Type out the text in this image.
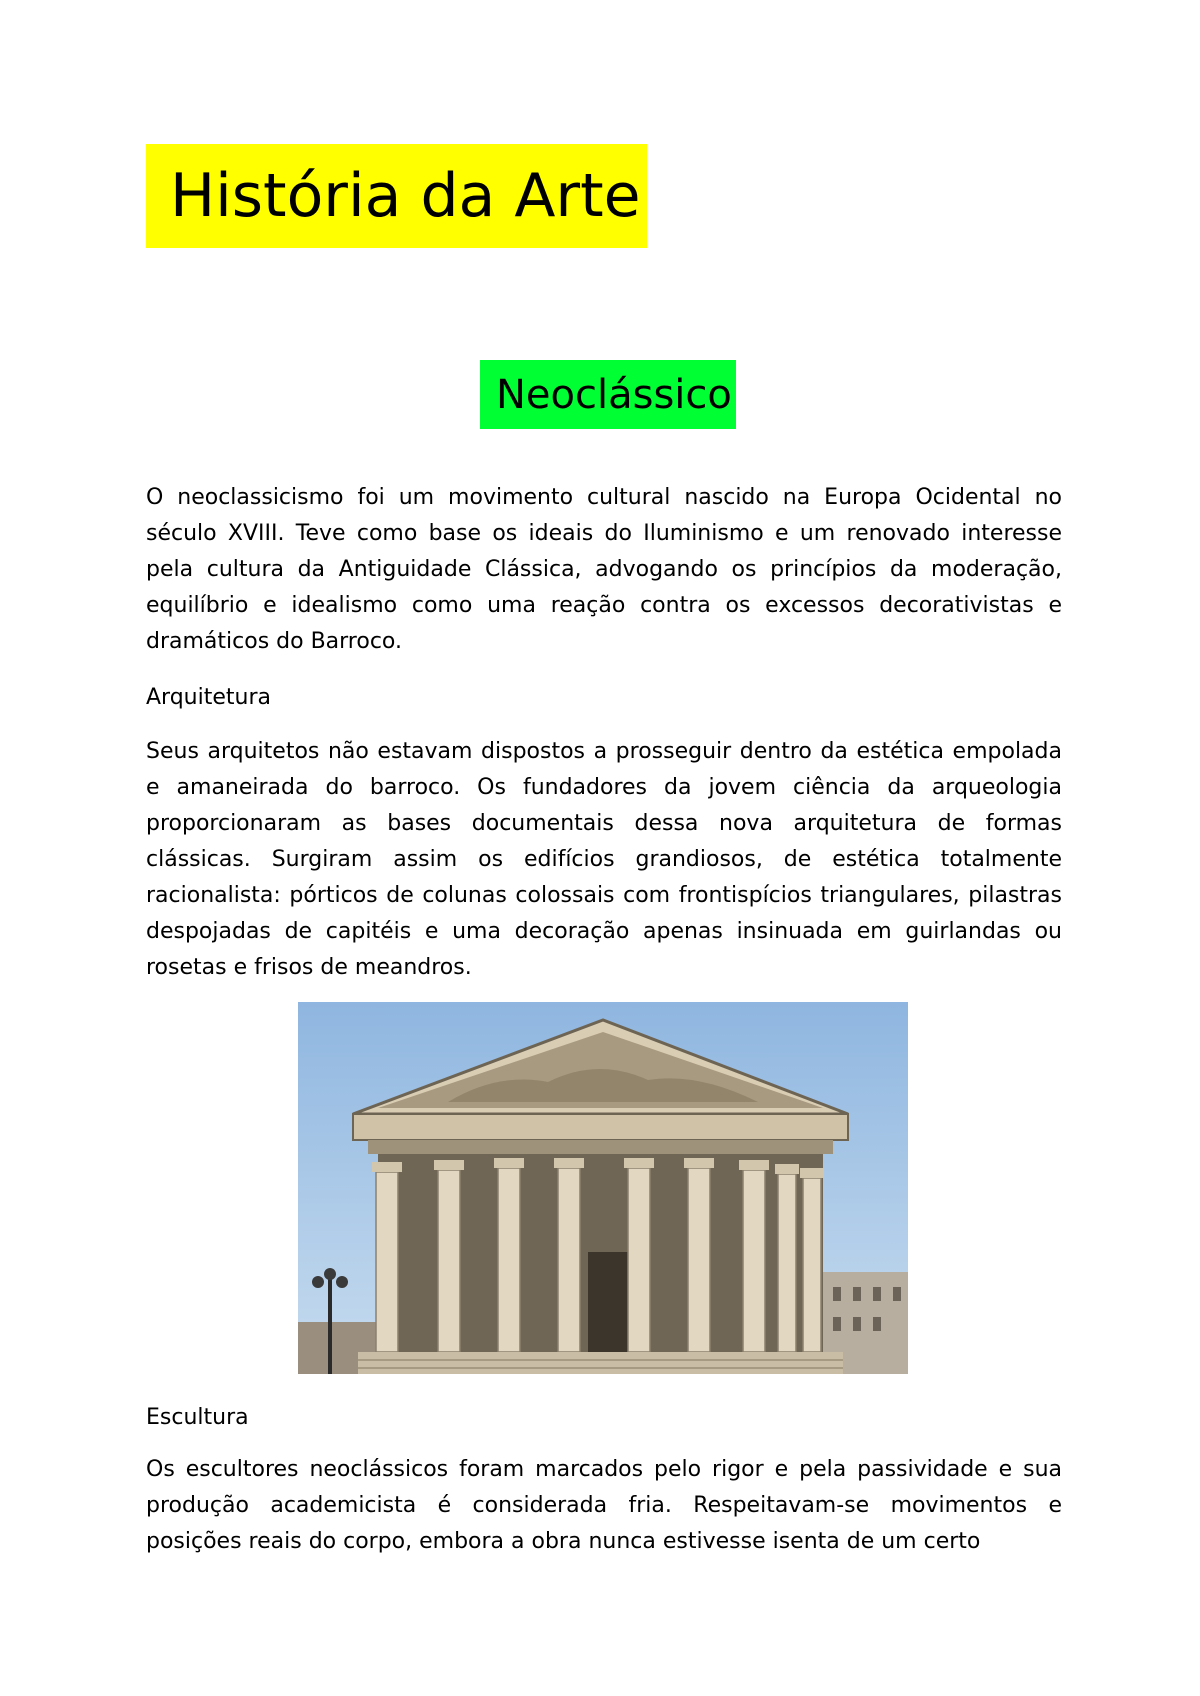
História da Arte
Neoclássico

O neoclassicismo foi um movimento cultural nascido na Europa Ocidental no século XVIII. Teve como base os ideais do Iluminismo e um renovado interesse pela cultura da Antiguidade Clássica, advogando os princípios da moderação, equilíbrio e idealismo como uma reação contra os excessos decorativistas e dramáticos do Barroco.

Arquitetura

Seus arquitetos não estavam dispostos a prosseguir dentro da estética empolada e amaneirada do barroco. Os fundadores da jovem ciência da arqueologia proporcionaram as bases documentais dessa nova arquitetura de formas clássicas. Surgiram assim os edifícios grandiosos, de estética totalmente racionalista: pórticos de colunas colossais com frontispícios triangulares, pilastras despojadas de capitéis e uma decoração apenas insinuada em guirlandas ou rosetas e frisos de meandros.

Escultura

Os escultores neoclássicos foram marcados pelo rigor e pela passividade e sua produção academicista é considerada fria. Respeitavam-se movimentos e posições reais do corpo, embora a obra nunca estivesse isenta de um certo
